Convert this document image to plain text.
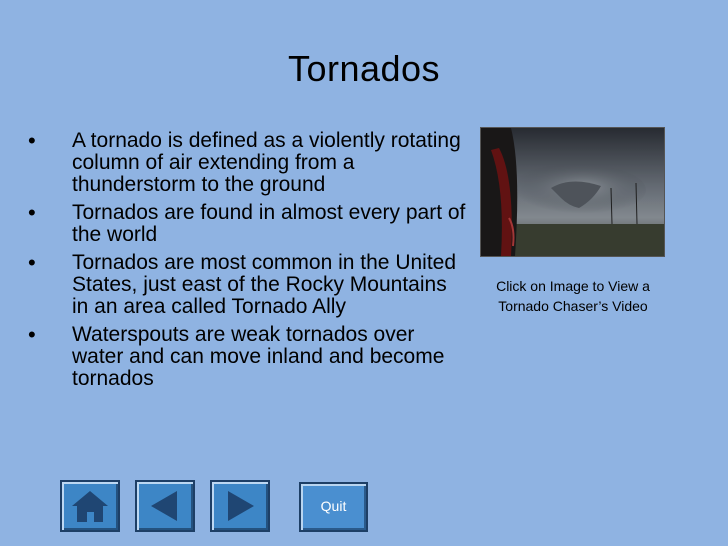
Tornados
• A tornado is defined as a violently rotating column of air extending from a thunderstorm to the ground
• Tornados are found in almost every part of the world
• Tornados are most common in the United States, just east of the Rocky Mountains in an area called Tornado Ally
• Waterspouts are weak tornados over water and can move inland and become tornados
Click on Image to View a Tornado Chaser’s Video
Quit
